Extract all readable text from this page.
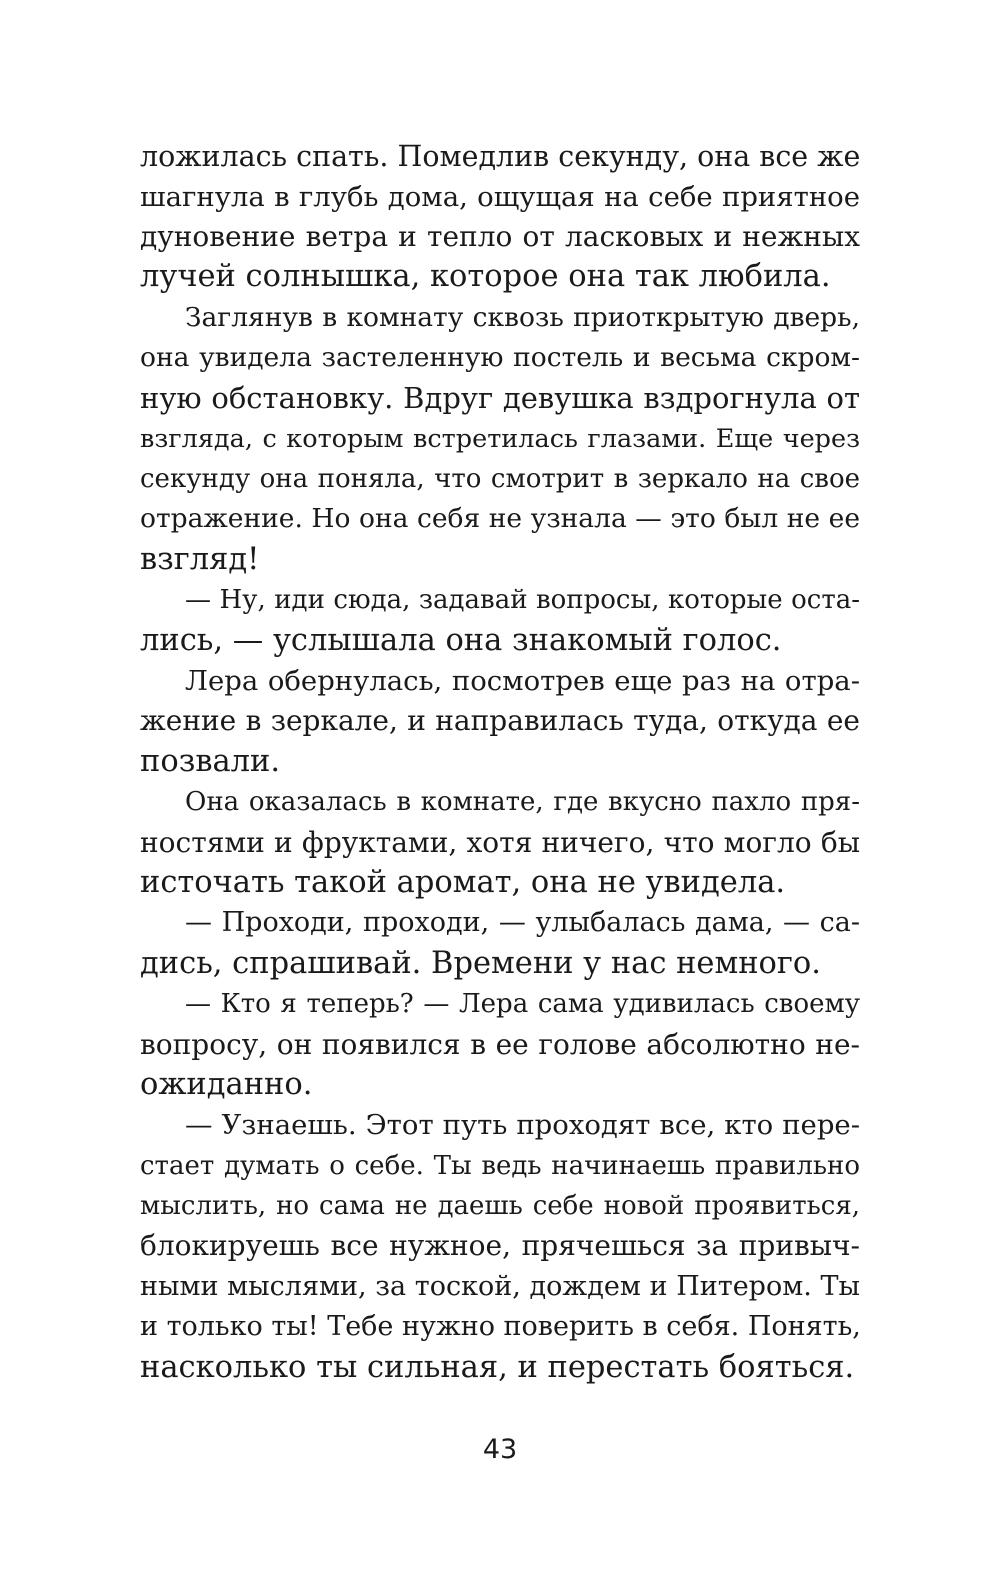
ложилась спать. Помедлив секунду, она все же
шагнула в глубь дома, ощущая на себе приятное
дуновение ветра и тепло от ласковых и нежных
лучей солнышка, которое она так любила.
Заглянув в комнату сквозь приоткрытую дверь,
она увидела застеленную постель и весьма скром-
ную обстановку. Вдруг девушка вздрогнула от
взгляда, с которым встретилась глазами. Еще через
секунду она поняла, что смотрит в зеркало на свое
отражение. Но она себя не узнала — это был не ее
взгляд!
— Ну, иди сюда, задавай вопросы, которые оста-
лись, — услышала она знакомый голос.
Лера обернулась, посмотрев еще раз на отра-
жение в зеркале, и направилась туда, откуда ее
позвали.
Она оказалась в комнате, где вкусно пахло пря-
ностями и фруктами, хотя ничего, что могло бы
источать такой аромат, она не увидела.
— Проходи, проходи, — улыбалась дама, — са-
дись, спрашивай. Времени у нас немного.
— Кто я теперь? — Лера сама удивилась своему
вопросу, он появился в ее голове абсолютно не-
ожиданно.
— Узнаешь. Этот путь проходят все, кто пере-
стает думать о себе. Ты ведь начинаешь правильно
мыслить, но сама не даешь себе новой проявиться,
блокируешь все нужное, прячешься за привыч-
ными мыслями, за тоской, дождем и Питером. Ты
и только ты! Тебе нужно поверить в себя. Понять,
насколько ты сильная, и перестать бояться.
43
